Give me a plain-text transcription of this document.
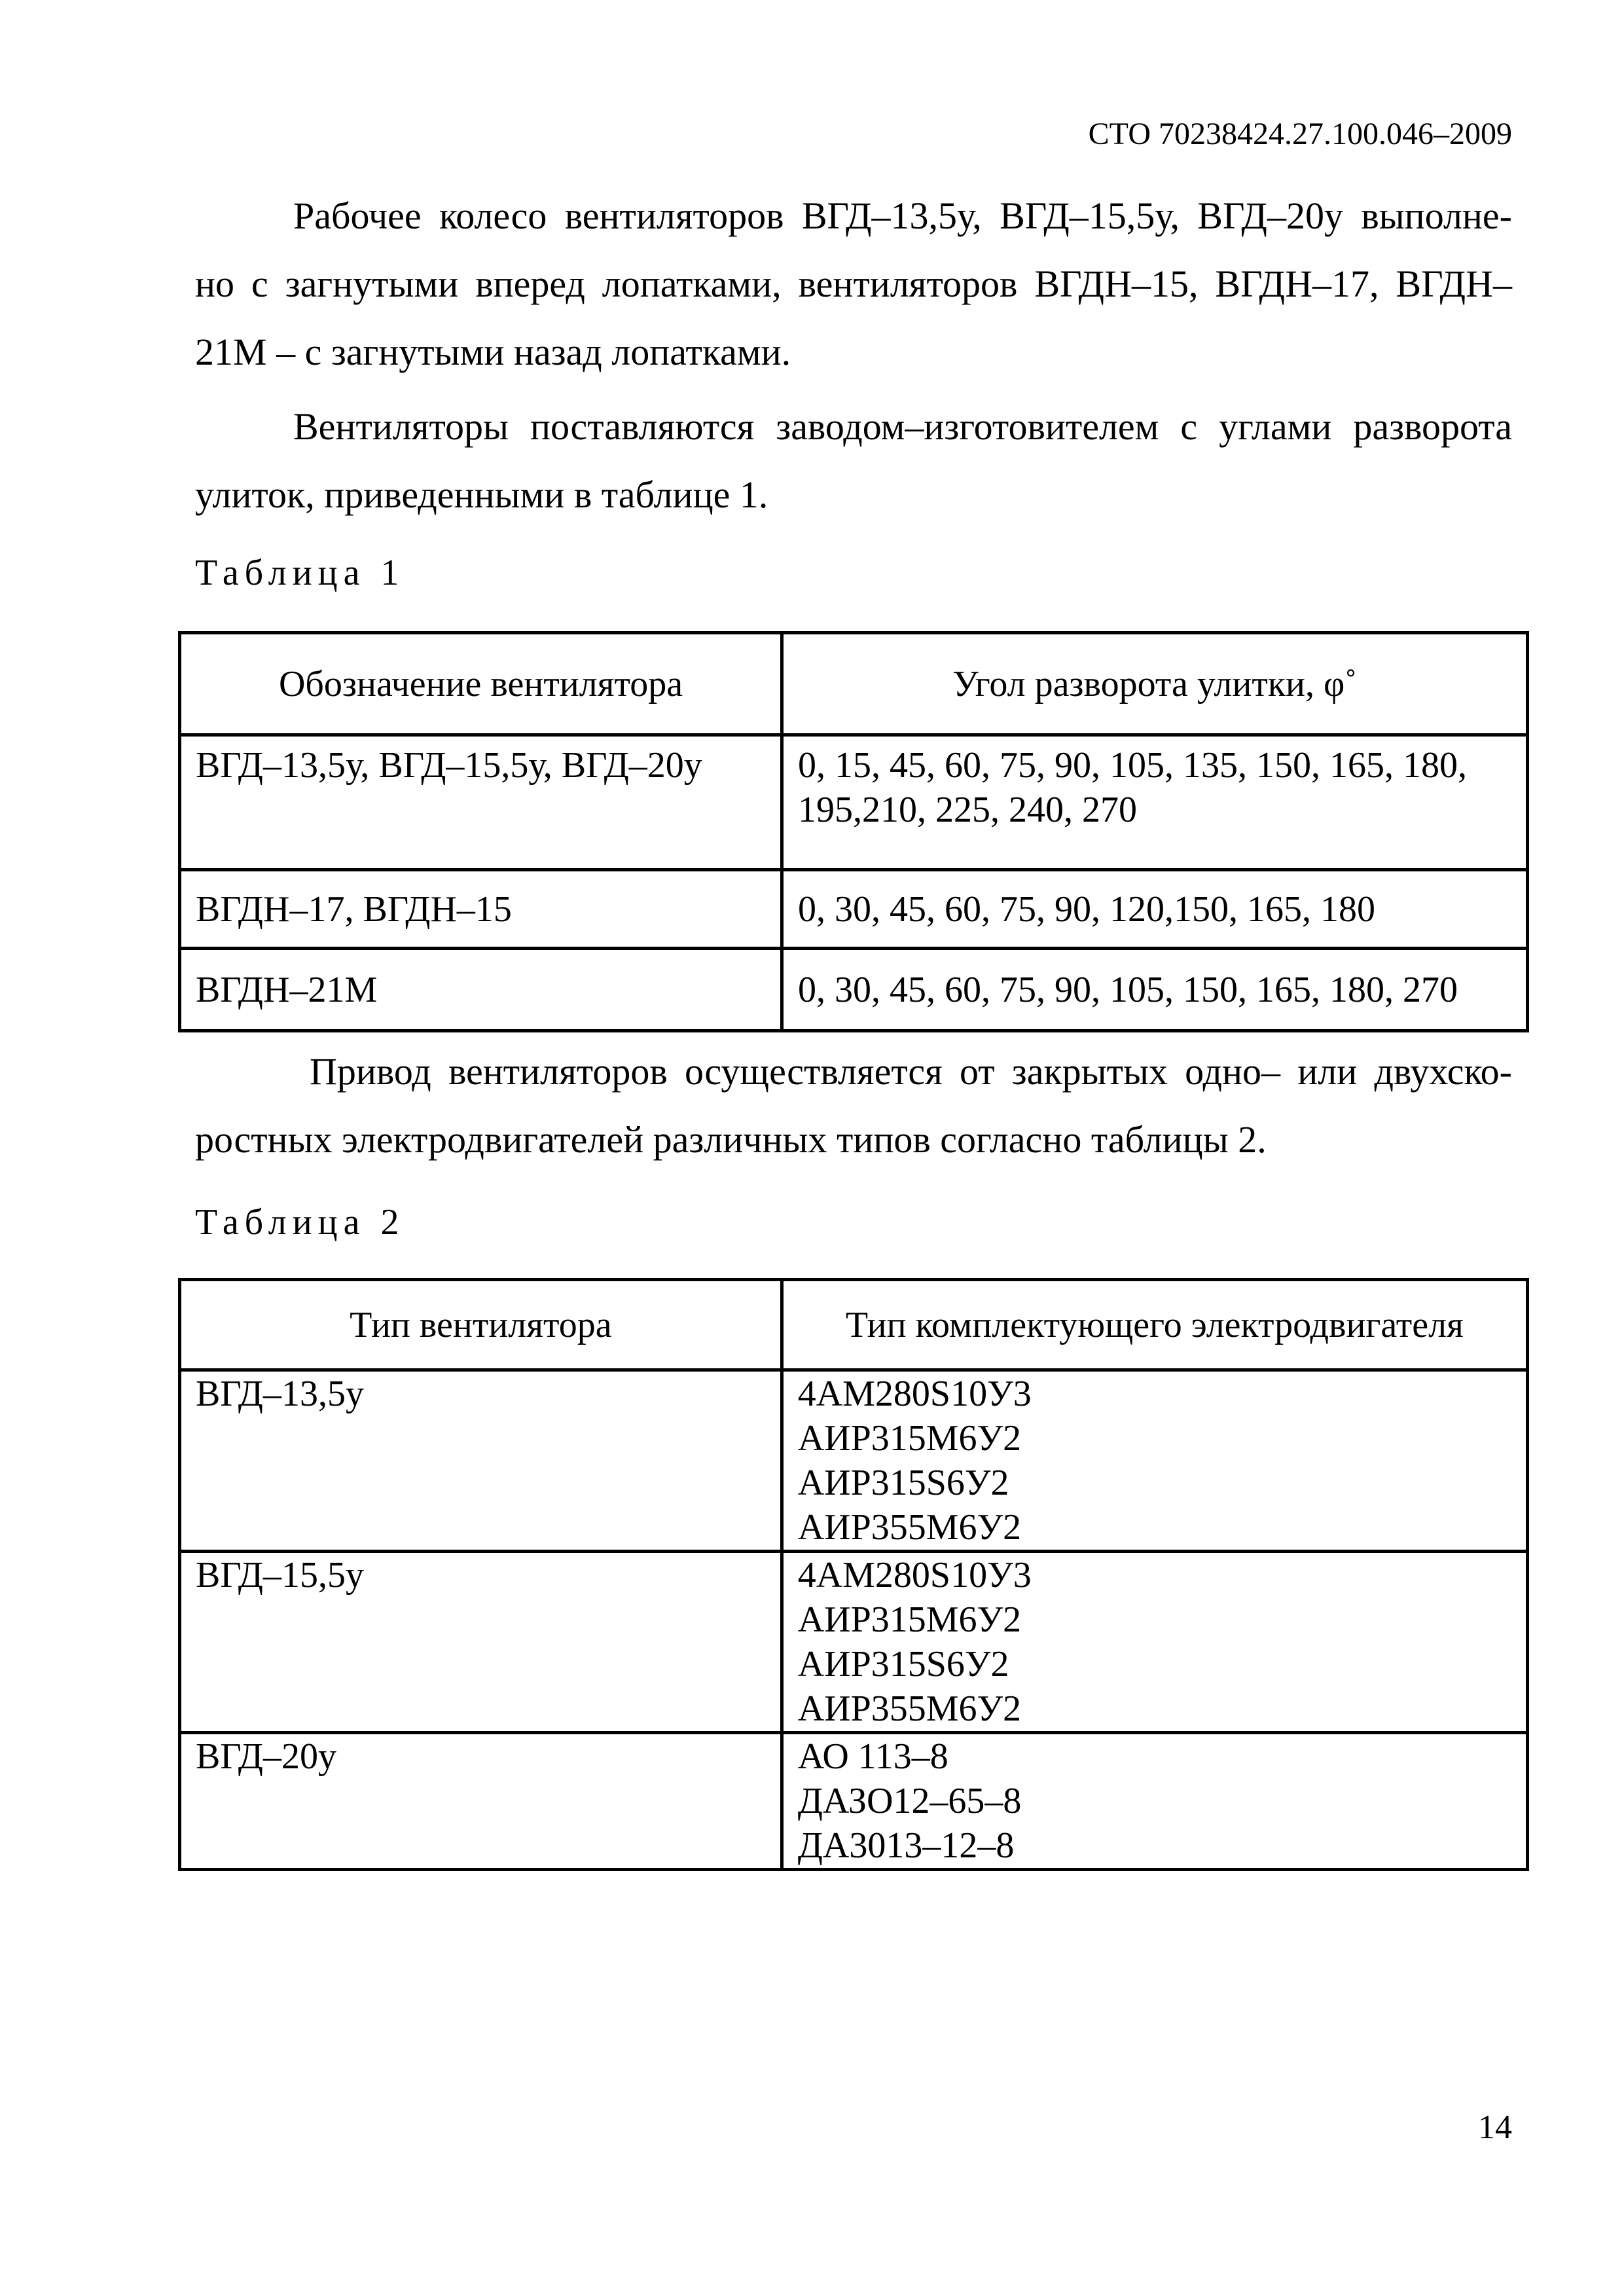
СТО 70238424.27.100.046–2009
Рабочее колесо вентиляторов ВГД–13,5у, ВГД–15,5у, ВГД–20у выполне-
но с загнутыми вперед лопатками, вентиляторов ВГДН–15, ВГДН–17, ВГДН–
21М – с загнутыми назад лопатками.
Вентиляторы поставляются заводом–изготовителем с углами разворота
улиток, приведенными в таблице 1.
Таблица 1
Обозначение вентилятора	Угол разворота улитки, φ˚
ВГД–13,5у, ВГД–15,5у, ВГД–20у	0, 15, 45, 60, 75, 90, 105, 135, 150, 165, 180,
195,210, 225, 240, 270

ВГДН–17, ВГДН–15	0, 30, 45, 60, 75, 90, 120,150, 165, 180
ВГДН–21М	0, 30, 45, 60, 75, 90, 105, 150, 165, 180, 270
Привод вентиляторов осуществляется от закрытых одно– или двухско-
ростных электродвигателей различных типов согласно таблицы 2.
Таблица 2
Тип вентилятора	Тип комплектующего электродвигателя
ВГД–13,5у	4АМ280S10У3
АИР315М6У2
АИР315S6У2
АИР355М6У2

ВГД–15,5у	4АМ280S10У3
АИР315М6У2
АИР315S6У2
АИР355М6У2

ВГД–20у	АО 113–8
ДАЗО12–65–8
ДА3013–12–8
14
